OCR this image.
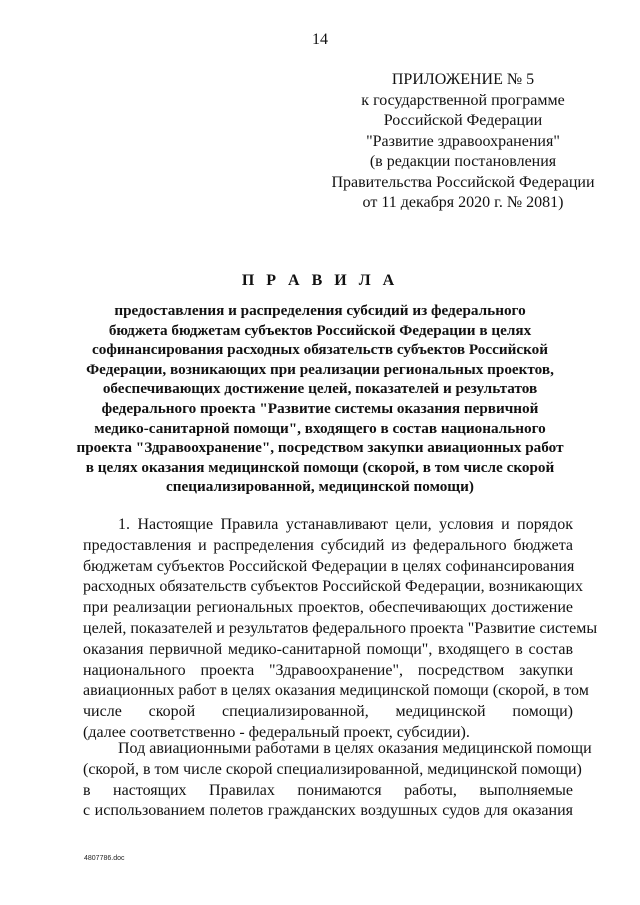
14
ПРИЛОЖЕНИЕ № 5
к государственной программе
Российской Федерации
"Развитие здравоохранения"
(в редакции постановления
Правительства Российской Федерации
от 11 декабря 2020 г. № 2081)
П Р А В И Л А
предоставления и распределения субсидий из федерального
бюджета бюджетам субъектов Российской Федерации в целях
софинансирования расходных обязательств субъектов Российской
Федерации, возникающих при реализации региональных проектов,
обеспечивающих достижение целей, показателей и результатов
федерального проекта "Развитие системы оказания первичной
медико-санитарной помощи", входящего в состав национального
проекта "Здравоохранение", посредством закупки авиационных работ
в целях оказания медицинской помощи (скорой, в том числе скорой
специализированной, медицинской помощи)
1. Настоящие Правила устанавливают цели, условия и порядок
предоставления и распределения субсидий из федерального бюджета
бюджетам субъектов Российской Федерации в целях софинансирования
расходных обязательств субъектов Российской Федерации, возникающих
при реализации региональных проектов, обеспечивающих достижение
целей, показателей и результатов федерального проекта "Развитие системы
оказания первичной медико-санитарной помощи", входящего в состав
национального проекта "Здравоохранение", посредством закупки
авиационных работ в целях оказания медицинской помощи (скорой, в том
числе скорой специализированной, медицинской помощи)
(далее соответственно - федеральный проект, субсидии).
Под авиационными работами в целях оказания медицинской помощи
(скорой, в том числе скорой специализированной, медицинской помощи)
в настоящих Правилах понимаются работы, выполняемые
с использованием полетов гражданских воздушных судов для оказания
4807786.doc
